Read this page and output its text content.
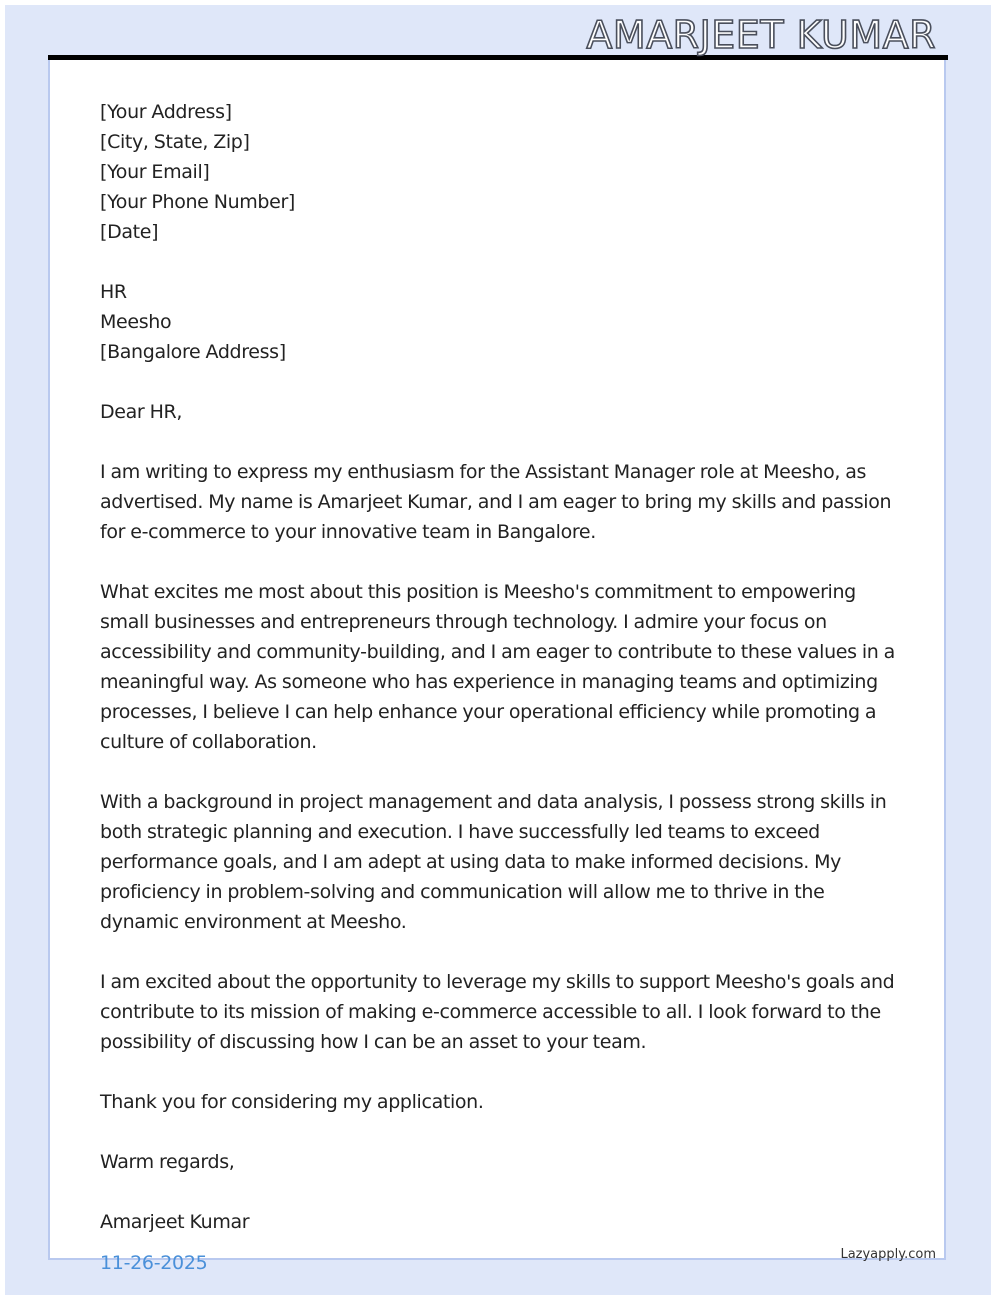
AMARJEET KUMAR
[Your Address]
[City, State, Zip]
[Your Email]
[Your Phone Number]
[Date]
HR
Meesho
[Bangalore Address]

Dear HR,

I am writing to express my enthusiasm for the Assistant Manager role at Meesho, as advertised. My name is Amarjeet Kumar, and I am eager to bring my skills and passion for e-commerce to your innovative team in Bangalore.

What excites me most about this position is Meesho's commitment to empowering small businesses and entrepreneurs through technology. I admire your focus on accessibility and community-building, and I am eager to contribute to these values in a meaningful way. As someone who has experience in managing teams and optimizing processes, I believe I can help enhance your operational efficiency while promoting a culture of collaboration.

With a background in project management and data analysis, I possess strong skills in both strategic planning and execution. I have successfully led teams to exceed performance goals, and I am adept at using data to make informed decisions. My proficiency in problem-solving and communication will allow me to thrive in the dynamic environment at Meesho.

I am excited about the opportunity to leverage my skills to support Meesho's goals and contribute to its mission of making e-commerce accessible to all. I look forward to the possibility of discussing how I can be an asset to your team.

Thank you for considering my application.

Warm regards,

Amarjeet Kumar

11-26-2025	Lazyapply.com
